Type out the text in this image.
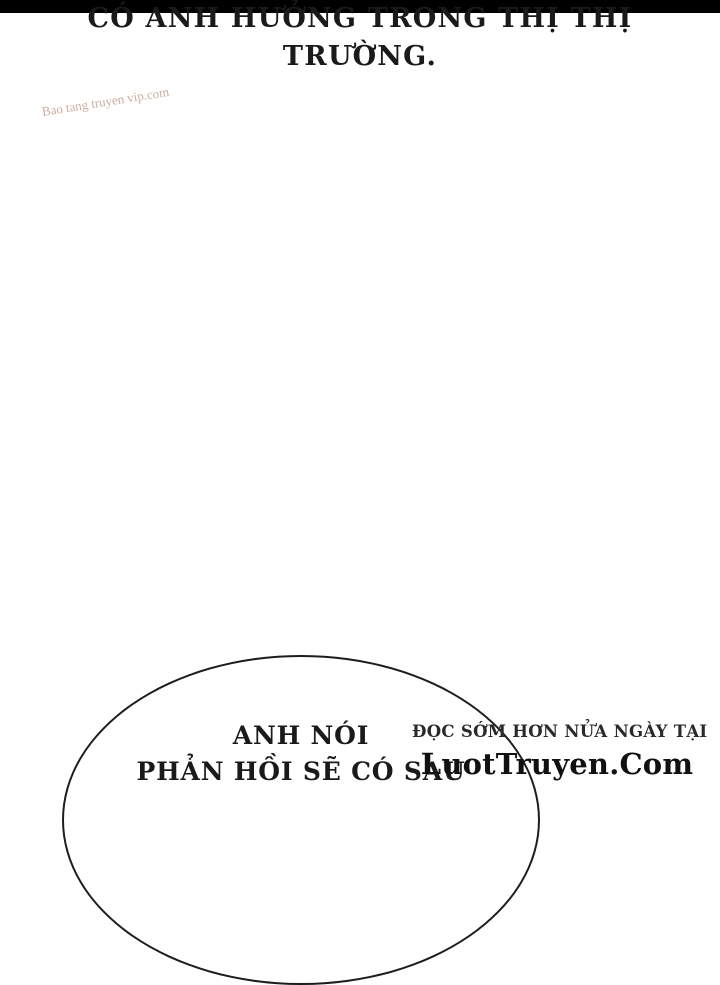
CÓ ANH HƯỞNG TRONG THỊ THỊ
TRƯỜNG.
Bao tang truyen vip.com
ANH NÓI
PHẢN HỒI SẼ CÓ SAU
ĐỌC SỚM HƠN NỬA NGÀY TẠI
LuotTruyen.Com
